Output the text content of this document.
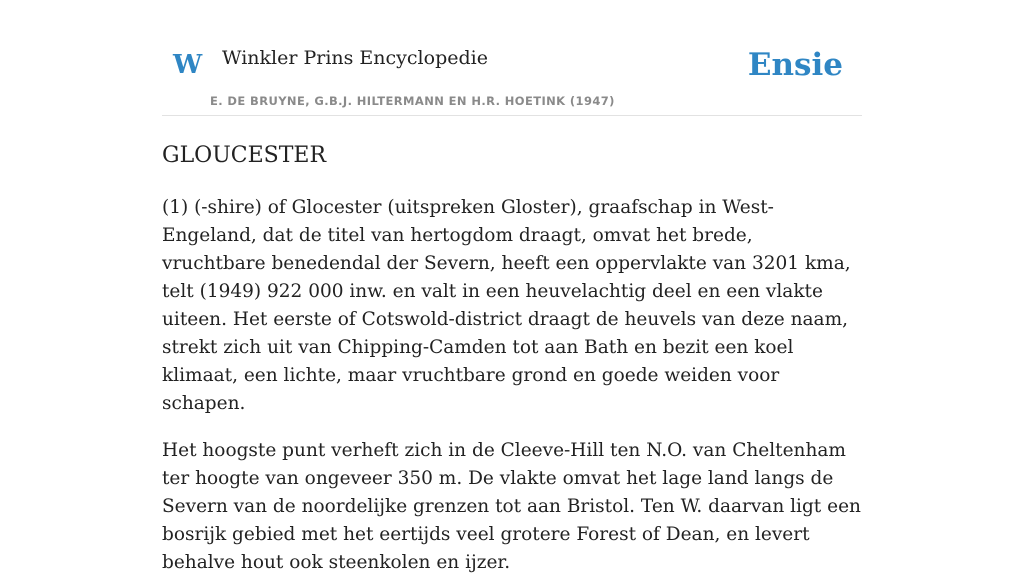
W Winkler Prins Encyclopedie
E. DE BRUYNE, G.B.J. HILTERMANN EN H.R. HOETINK (1947)
Ensie
GLOUCESTER

(1) (-shire) of Glocester (uitspreken Gloster), graafschap in West-Engeland, dat de titel van hertogdom draagt, omvat het brede, vruchtbare benedendal der Severn, heeft een oppervlakte van 3201 kma, telt (1949) 922 000 inw. en valt in een heuvelachtig deel en een vlakte uiteen. Het eerste of Cotswold-district draagt de heuvels van deze naam, strekt zich uit van Chipping-Camden tot aan Bath en bezit een koel klimaat, een lichte, maar vruchtbare grond en goede weiden voor schapen.

Het hoogste punt verheft zich in de Cleeve-Hill ten N.O. van Cheltenham ter hoogte van ongeveer 350 m. De vlakte omvat het lage land langs de Severn van de noordelijke grenzen tot aan Bristol. Ten W. daarvan ligt een bosrijk gebied met het eertijds veel grotere Forest of Dean, en levert behalve hout ook steenkolen en ijzer.
